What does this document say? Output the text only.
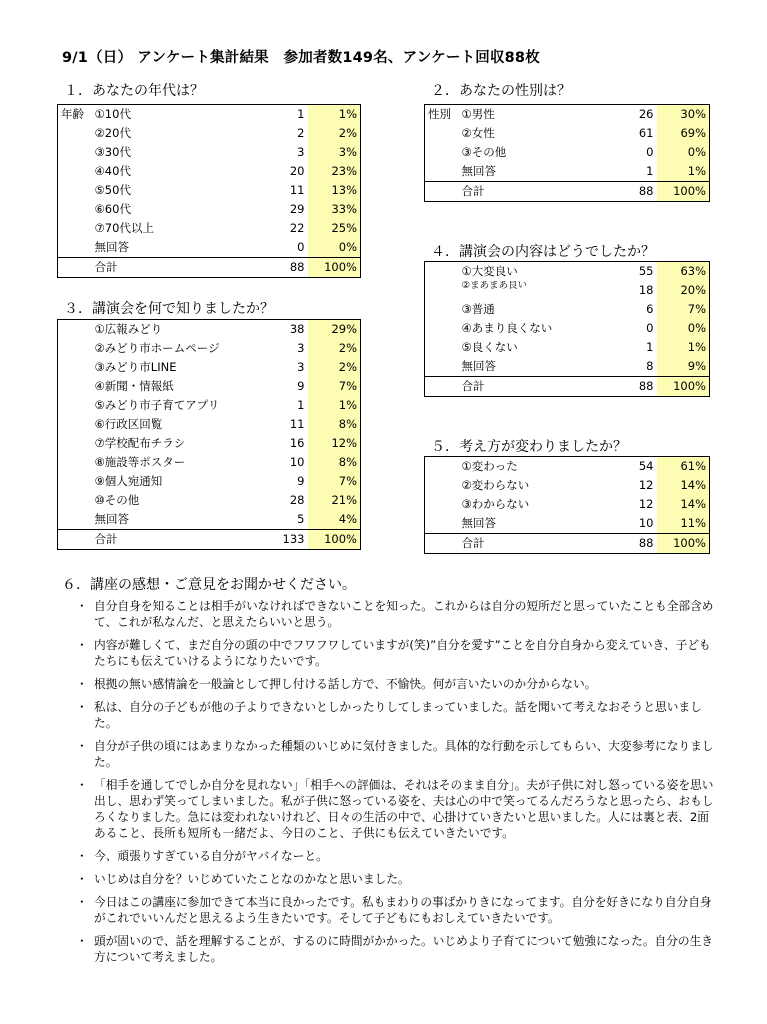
9/1（日） アンケート集計結果　参加者数149名、アンケート回収88枚
１．あなたの年代は？
年齢	①10代	1	1%
	②20代	2	2%
	③30代	3	3%
	④40代	20	23%
	⑤50代	11	13%
	⑥60代	29	33%
	⑦70代以上	22	25%
	無回答	0	0%
	合計	88	100%
２．あなたの性別は？
性別	①男性	26	30%
	②女性	61	69%
	③その他	0	0%
	無回答	1	1%
	合計	88	100%
３．講演会を何で知りましたか？
	①広報みどり	38	29%
	②みどり市ホームページ	3	2%
	③みどり市LINE	3	2%
	④新聞・情報紙	9	7%
	⑤みどり市子育てアプリ	1	1%
	⑥行政区回覧	11	8%
	⑦学校配布チラシ	16	12%
	⑧施設等ポスター	10	8%
	⑨個人宛通知	9	7%
	⑩その他	28	21%
	無回答	5	4%
	合計	133	100%
４．講演会の内容はどうでしたか？
	①大変良い	55	63%
	②まあまあ良い	18	20%
	③普通	6	7%
	④あまり良くない	0	0%
	⑤良くない	1	1%
	無回答	8	9%
	合計	88	100%
５．考え方が変わりましたか？
	①変わった	54	61%
	②変わらない	12	14%
	③わからない	12	14%
	無回答	10	11%
	合計	88	100%
６．講座の感想・ご意見をお聞かせください。
・ 自分自身を知ることは相手がいなければできないことを知った。これからは自分の短所だと思っていたことも全部含めて、これが私なんだ、と思えたらいいと思う。
・ 内容が難しくて、まだ自分の頭の中でフワフワしていますが(笑)”自分を愛す”ことを自分自身から変えていき、子どもたちにも伝えていけるようになりたいです。
・ 根拠の無い感情論を一般論として押し付ける話し方で、不愉快。何が言いたいのか分からない。
・ 私は、自分の子どもが他の子よりできないとしかったりしてしまっていました。話を聞いて考えなおそうと思いました。
・ 自分が子供の頃にはあまりなかった種類のいじめに気付きました。具体的な行動を示してもらい、大変参考になりました。
・ 「相手を通してでしか自分を見れない」「相手への評価は、それはそのまま自分」。夫が子供に対し怒っている姿を思い出し、思わず笑ってしまいました。私が子供に怒っている姿を、夫は心の中で笑ってるんだろうなと思ったら、おもしろくなりました。急には変われないけれど、日々の生活の中で、心掛けていきたいと思いました。人には裏と表、2面あること、長所も短所も一緒だよ、今日のこと、子供にも伝えていきたいです。
・ 今、頑張りすぎている自分がヤバイなーと。
・ いじめは自分を？いじめていたことなのかなと思いました。
・ 今日はこの講座に参加できて本当に良かったです。私もまわりの事ばかりきになってます。自分を好きになり自分自身がこれでいいんだと思えるよう生きたいです。そして子どもにもおしえていきたいです。
・ 頭が固いので、話を理解することが、するのに時間がかかった。いじめより子育てについて勉強になった。自分の生き方について考えました。
